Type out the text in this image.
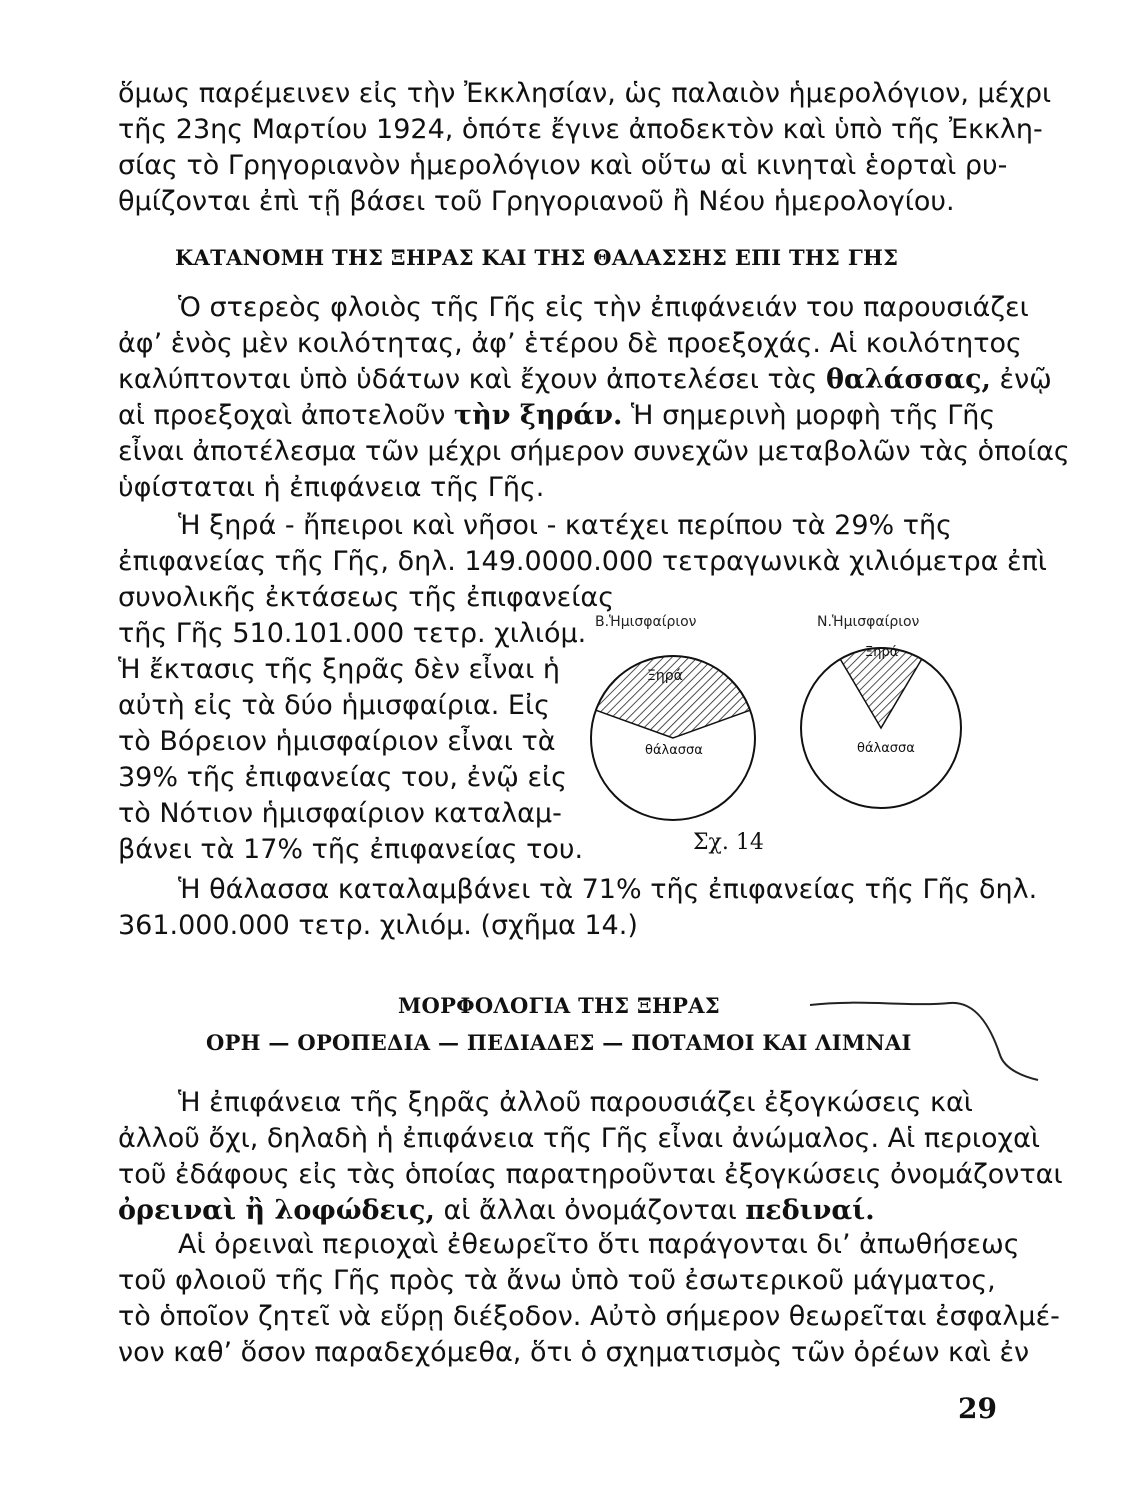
ὅμως παρέμεινεν εἰς τὴν Ἐκκλησίαν, ὡς παλαιὸν ἡμερολόγιον, μέχρι
τῆς 23ης Μαρτίου 1924, ὁπότε ἔγινε ἀποδεκτὸν καὶ ὑπὸ τῆς Ἐκκλη-
σίας τὸ Γρηγοριανὸν ἡμερολόγιον καὶ οὕτω αἱ κινηταὶ ἑορταὶ ρυ-
θμίζονται ἐπὶ τῇ βάσει τοῦ Γρηγοριανοῦ ἢ Νέου ἡμερολογίου.
ΚΑΤΑΝΟΜΗ ΤΗΣ ΞΗΡΑΣ ΚΑΙ ΤΗΣ ΘΑΛΑΣΣΗΣ ΕΠΙ ΤΗΣ ΓΗΣ
Ὁ στερεὸς φλοιὸς τῆς Γῆς εἰς τὴν ἐπιφάνειάν του παρουσιάζει
ἀφ’ ἑνὸς μὲν κοιλότητας, ἀφ’ ἑτέρου δὲ προεξοχάς. Αἱ κοιλότητος
καλύπτονται ὑπὸ ὑδάτων καὶ ἔχουν ἀποτελέσει τὰς θαλάσσας, ἐνῷ
αἱ προεξοχαὶ ἀποτελοῦν τὴν ξηράν. Ἡ σημερινὴ μορφὴ τῆς Γῆς
εἶναι ἀποτέλεσμα τῶν μέχρι σήμερον συνεχῶν μεταβολῶν τὰς ὁποίας
ὑφίσταται ἡ ἐπιφάνεια τῆς Γῆς.
Ἡ ξηρά - ἤπειροι καὶ νῆσοι - κατέχει περίπου τὰ 29% τῆς
ἐπιφανείας τῆς Γῆς, δηλ. 149.0000.000 τετραγωνικὰ χιλιόμετρα ἐπὶ
συνολικῆς ἐκτάσεως τῆς ἐπιφανείας
τῆς Γῆς 510.101.000 τετρ. χιλιόμ.
Ἡ ἔκτασις τῆς ξηρᾶς δὲν εἶναι ἡ
αὐτὴ εἰς τὰ δύο ἡμισφαίρια. Εἰς
τὸ Βόρειον ἡμισφαίριον εἶναι τὰ
39% τῆς ἐπιφανείας του, ἐνῷ εἰς
τὸ Νότιον ἡμισφαίριον καταλαμ-
βάνει τὰ 17% τῆς ἐπιφανείας του.
Β.Ἡμισφαίριον	Ν.Ἡμισφαίριον
Ξηρά
θάλασσα
Ξηρά
θάλασσα
Σχ. 14
Ἡ θάλασσα καταλαμβάνει τὰ 71% τῆς ἐπιφανείας τῆς Γῆς δηλ.
361.000.000 τετρ. χιλιόμ. (σχῆμα 14.)
ΜΟΡΦΟΛΟΓΙΑ ΤΗΣ ΞΗΡΑΣ
ΟΡΗ — ΟΡΟΠΕΔΙΑ — ΠΕΔΙΑΔΕΣ — ΠΟΤΑΜΟΙ ΚΑΙ ΛΙΜΝΑΙ
Ἡ ἐπιφάνεια τῆς ξηρᾶς ἀλλοῦ παρουσιάζει ἐξογκώσεις καὶ
ἀλλοῦ ὄχι, δηλαδὴ ἡ ἐπιφάνεια τῆς Γῆς εἶναι ἀνώμαλος. Αἱ περιοχαὶ
τοῦ ἐδάφους εἰς τὰς ὁποίας παρατηροῦνται ἐξογκώσεις ὀνομάζονται
ὀρειναὶ ἢ λοφώδεις, αἱ ἄλλαι ὀνομάζονται πεδιναί.
Αἱ ὀρειναὶ περιοχαὶ ἐθεωρεῖτο ὅτι παράγονται δι’ ἀπωθήσεως
τοῦ φλοιοῦ τῆς Γῆς πρὸς τὰ ἄνω ὑπὸ τοῦ ἐσωτερικοῦ μάγματος,
τὸ ὁποῖον ζητεῖ νὰ εὕρῃ διέξοδον. Αὐτὸ σήμερον θεωρεῖται ἐσφαλμέ-
νον καθ’ ὅσον παραδεχόμεθα, ὅτι ὁ σχηματισμὸς τῶν ὀρέων καὶ ἐν
29
